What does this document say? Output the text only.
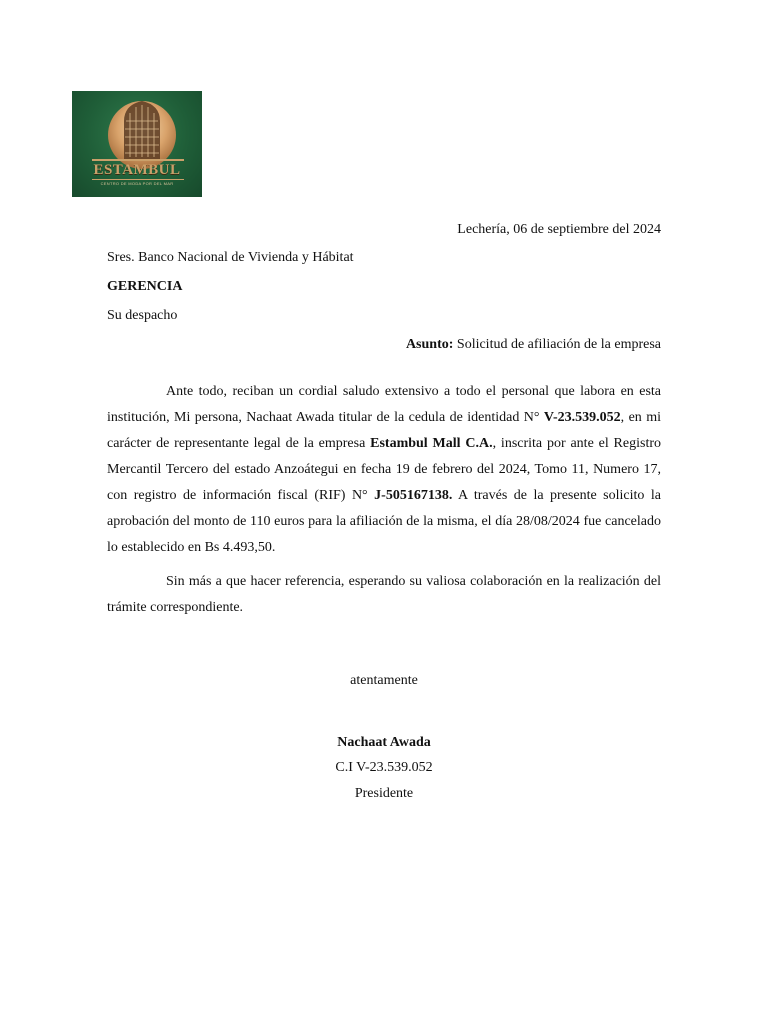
ESTAMBUL
CENTRO DE MODA POR DEL MAR
Lechería, 06 de septiembre del 2024
Sres. Banco Nacional de Vivienda y Hábitat
GERENCIA
Su despacho
Asunto: Solicitud de afiliación de la empresa
Ante todo, reciban un cordial saludo extensivo a todo el personal que labora en esta institución, Mi persona, Nachaat Awada titular de la cedula de identidad N° V-23.539.052, en mi carácter de representante legal de la empresa Estambul Mall C.A., inscrita por ante el Registro Mercantil Tercero del estado Anzoátegui en fecha 19 de febrero del 2024, Tomo 11, Numero 17, con registro de información fiscal (RIF) N° J-505167138. A través de la presente solicito la aprobación del monto de 110 euros para la afiliación de la misma, el día 28/08/2024 fue cancelado lo establecido en Bs 4.493,50.
Sin más a que hacer referencia, esperando su valiosa colaboración en la realización del trámite correspondiente.
atentamente
Nachaat Awada
C.I V-23.539.052
Presidente
